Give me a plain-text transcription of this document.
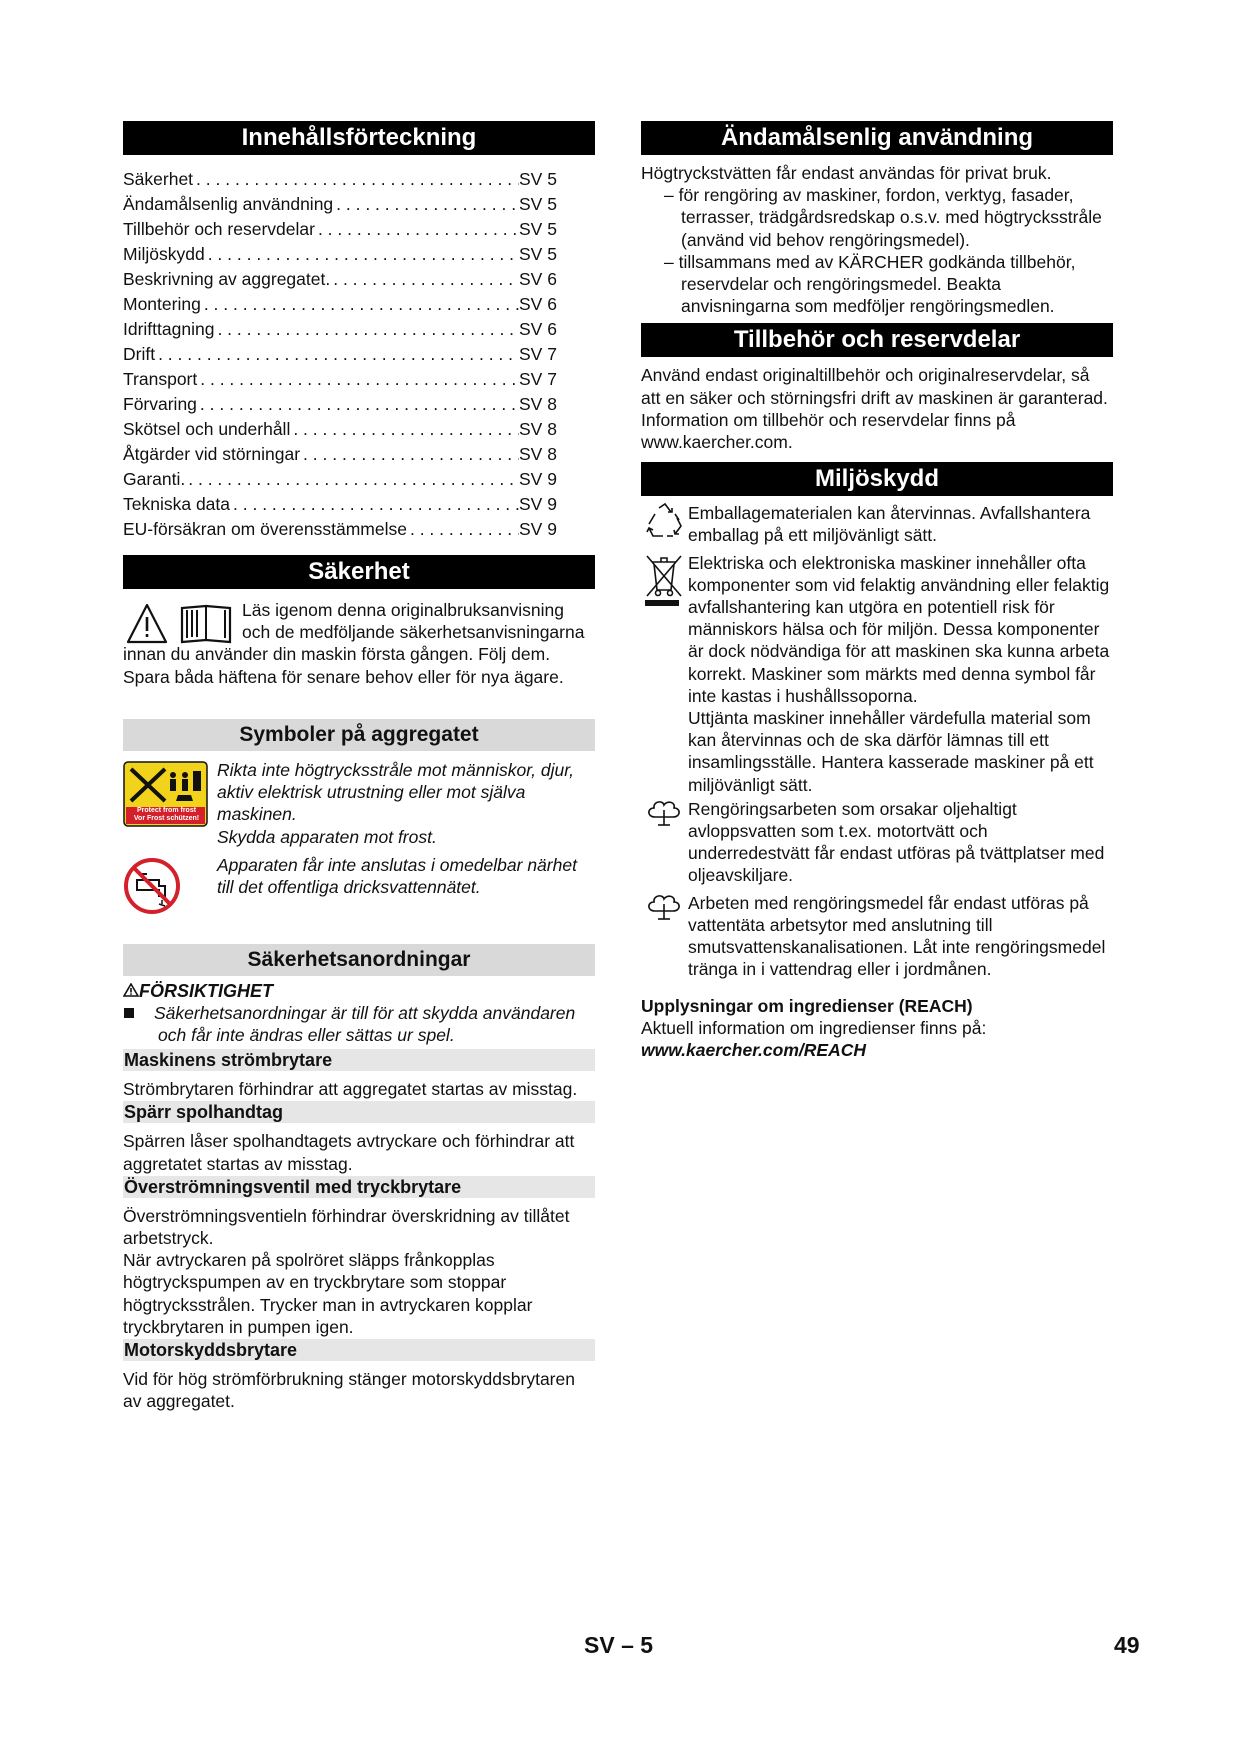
Innehållsförteckning
Säkerhet . . .	SV 5
Ändamålsenlig användning . . .	SV 5
Tillbehör och reservdelar . . .	SV 5
Miljöskydd . . .	SV 5
Beskrivning av aggregatet. . . .	SV 6
Montering . . .	SV 6
Idrifttagning . . .	SV 6
Drift . . .	SV 7
Transport . . .	SV 7
Förvaring . . .	SV 8
Skötsel och underhåll . . .	SV 8
Åtgärder vid störningar . . .	SV 8
Garanti. . . .	SV 9
Tekniska data . . .	SV 9
EU-försäkran om överensstämmelse . . .	SV 9
Säkerhet

Läs igenom denna originalbruksanvisning och de medföljande säkerhetsanvisningarna innan du använder din maskin första gången. Följ dem. Spara båda häftena för senare behov eller för nya ägare.

Symboler på aggregatet
Protect from frost
Vor Frost schützen!

Rikta inte högtrycksstråle mot människor, djur, aktiv elektrisk utrustning eller mot själva maskinen.

Skydda apparaten mot frost.

Apparaten får inte anslutas i omedelbar närhet till det offentliga dricksvattennätet.

Säkerhetsanordningar
FÖRSIKTIGHET

Säkerhetsanordningar är till för att skydda användaren och får inte ändras eller sättas ur spel.

Maskinens strömbrytare

Strömbrytaren förhindrar att aggregatet startas av misstag.

Spärr spolhandtag

Spärren låser spolhandtagets avtryckare och förhindrar att aggretatet startas av misstag.

Överströmningsventil med tryckbrytare

Överströmningsventieln förhindrar överskridning av tillåtet arbetstryck.

När avtryckaren på spolröret släpps frånkopplas högtryckspumpen av en tryckbrytare som stoppar högtrycksstrålen. Trycker man in avtryckaren kopplar tryckbrytaren in pumpen igen.

Motorskyddsbrytare

Vid för hög strömförbrukning stänger motorskyddsbrytaren av aggregatet.

Ändamålsenlig användning

Högtryckstvätten får endast användas för privat bruk.

– för rengöring av maskiner, fordon, verktyg, fasader, terrasser, trädgårdsredskap o.s.v. med högtrycksstråle (använd vid behov rengöringsmedel).

– tillsammans med av KÄRCHER godkända tillbehör, reservdelar och rengöringsmedel. Beakta anvisningarna som medföljer rengöringsmedlen.

Tillbehör och reservdelar

Använd endast originaltillbehör och originalreservdelar, så att en säker och störningsfri drift av maskinen är garanterad.

Information om tillbehör och reservdelar finns på www.kaercher.com.

Miljöskydd

Emballagematerialen kan återvinnas. Avfallshantera emballag på ett miljövänligt sätt.

Elektriska och elektroniska maskiner innehåller ofta komponenter som vid felaktig användning eller felaktig avfallshantering kan utgöra en potentiell risk för människors hälsa och för miljön. Dessa komponenter är dock nödvändiga för att maskinen ska kunna arbeta korrekt. Maskiner som märkts med denna symbol får inte kastas i hushållssoporna.

Uttjänta maskiner innehåller värdefulla material som kan återvinnas och de ska därför lämnas till ett insamlingsställe. Hantera kasserade maskiner på ett miljövänligt sätt.

Rengöringsarbeten som orsakar oljehaltigt avloppsvatten som t.ex. motortvätt och underredestvätt får endast utföras på tvättplatser med oljeavskiljare.

Arbeten med rengöringsmedel får endast utföras på vattentäta arbetsytor med anslutning till smutsvattenskanalisationen. Låt inte rengöringsmedel tränga in i vattendrag eller i jordmånen.

Upplysningar om ingredienser (REACH)

Aktuell information om ingredienser finns på:

www.kaercher.com/REACH

SV – 5	49
